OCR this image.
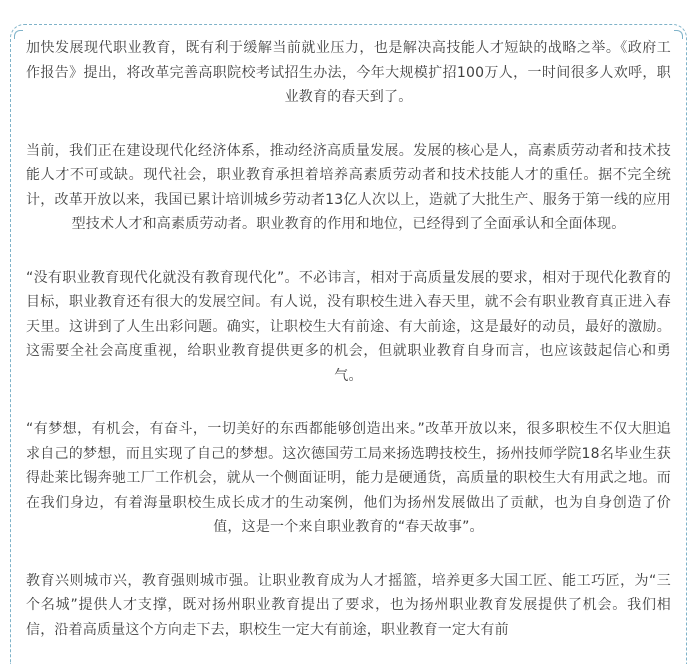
加快发展现代职业教育，既有利于缓解当前就业压力，也是解决高技能人才短缺的战略之举。《政府工作报告》提出，将改革完善高职院校考试招生办法，今年大规模扩招100万人，一时间很多人欢呼，职业教育的春天到了。

当前，我们正在建设现代化经济体系，推动经济高质量发展。发展的核心是人，高素质劳动者和技术技能人才不可或缺。现代社会，职业教育承担着培养高素质劳动者和技术技能人才的重任。据不完全统计，改革开放以来，我国已累计培训城乡劳动者13亿人次以上，造就了大批生产、服务于第一线的应用型技术人才和高素质劳动者。职业教育的作用和地位，已经得到了全面承认和全面体现。

“没有职业教育现代化就没有教育现代化”。不必讳言，相对于高质量发展的要求，相对于现代化教育的目标，职业教育还有很大的发展空间。有人说，没有职校生进入春天里，就不会有职业教育真正进入春天里。这讲到了人生出彩问题。确实，让职校生大有前途、有大前途，这是最好的动员，最好的激励。这需要全社会高度重视，给职业教育提供更多的机会，但就职业教育自身而言，也应该鼓起信心和勇气。

“有梦想，有机会，有奋斗，一切美好的东西都能够创造出来。”改革开放以来，很多职校生不仅大胆追求自己的梦想，而且实现了自己的梦想。这次德国劳工局来扬选聘技校生，扬州技师学院18名毕业生获得赴莱比锡奔驰工厂工作机会，就从一个侧面证明，能力是硬通货，高质量的职校生大有用武之地。而在我们身边，有着海量职校生成长成才的生动案例，他们为扬州发展做出了贡献，也为自身创造了价值，这是一个来自职业教育的“春天故事”。

教育兴则城市兴，教育强则城市强。让职业教育成为人才摇篮，培养更多大国工匠、能工巧匠，为“三个名城”提供人才支撑，既对扬州职业教育提出了要求，也为扬州职业教育发展提供了机会。我们相信，沿着高质量这个方向走下去，职校生一定大有前途，职业教育一定大有前
